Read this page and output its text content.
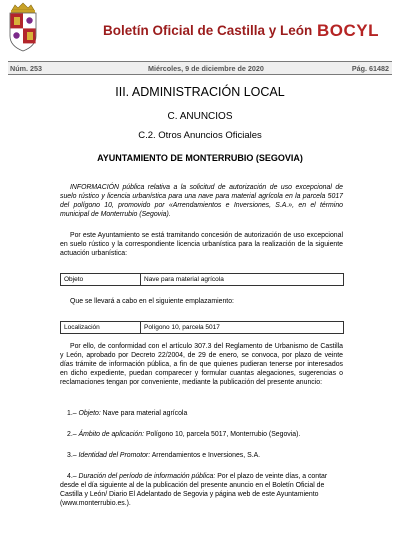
Boletín Oficial de Castilla y León BOCYL
Núm. 253	Miércoles, 9 de diciembre de 2020	Pág. 61482
III. ADMINISTRACIÓN LOCAL
C. ANUNCIOS
C.2. Otros Anuncios Oficiales
AYUNTAMIENTO DE MONTERRUBIO (SEGOVIA)
INFORMACIÓN pública relativa a la solicitud de autorización de uso excepcional de suelo rústico y licencia urbanística para una nave para material agrícola en la parcela 5017 del polígono 10, promovido por «Arrendamientos e Inversiones, S.A.», en el término municipal de Monterrubio (Segovia).
Por este Ayuntamiento se está tramitando concesión de autorización de uso excepcional en suelo rústico y la correspondiente licencia urbanística para la realización de la siguiente actuación urbanística:
Objeto	Nave para material agrícola
Que se llevará a cabo en el siguiente emplazamiento:
Localización	Polígono 10, parcela 5017
Por ello, de conformidad con el artículo 307.3 del Reglamento de Urbanismo de Castilla y León, aprobado por Decreto 22/2004, de 29 de enero, se convoca, por plazo de veinte días trámite de información pública, a fin de que quienes pudieran tenerse por interesados en dicho expediente, puedan comparecer y formular cuantas alegaciones, sugerencias o reclamaciones tengan por conveniente, mediante la publicación del presente anuncio:
1.– Objeto: Nave para material agrícola
2.– Ámbito de aplicación: Polígono 10, parcela 5017, Monterrubio (Segovia).
3.– Identidad del Promotor: Arrendamientos e Inversiones, S.A.
4.– Duración del período de información pública: Por el plazo de veinte días, a contar desde el día siguiente al de la publicación del presente anuncio en el Boletín Oficial de Castilla y León/ Diario El Adelantado de Segovia y página web de este Ayuntamiento (www.monterrubio.es.).
